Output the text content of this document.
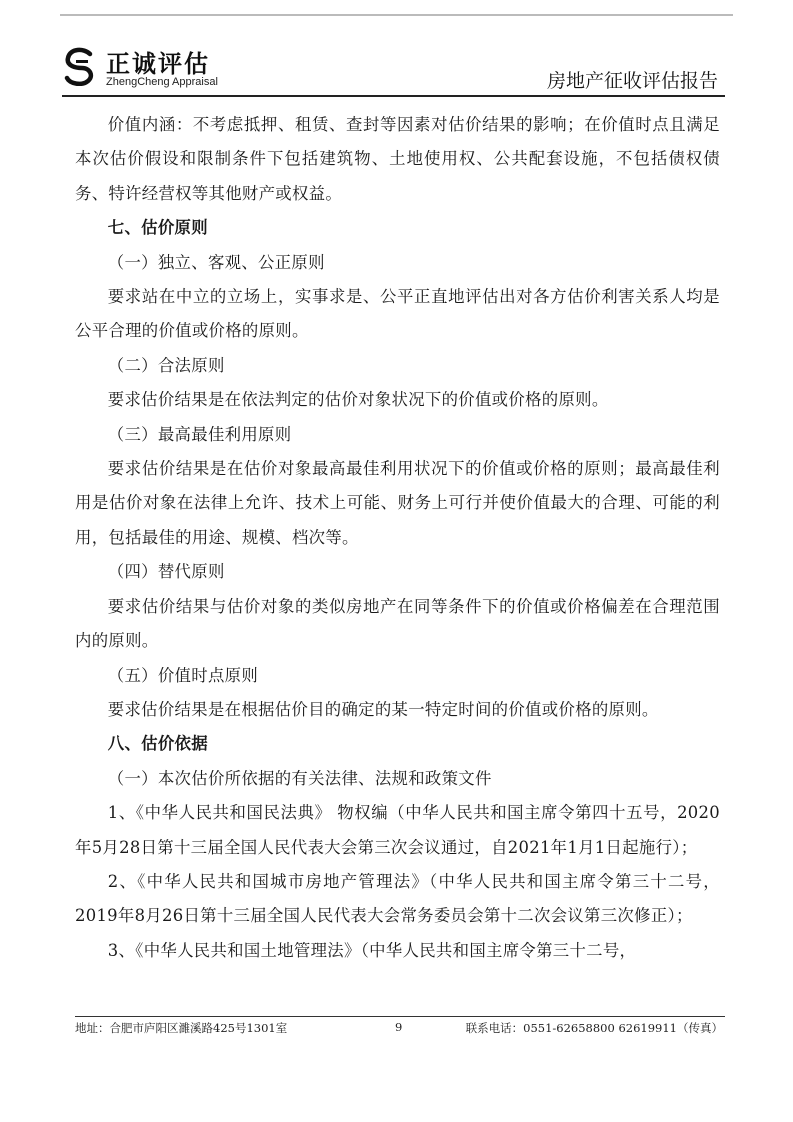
正诚评估
ZhengCheng Appraisal	房地产征收评估报告

价值内涵：不考虑抵押、租赁、查封等因素对估价结果的影响；在价值时点且满足本次估价假设和限制条件下包括建筑物、土地使用权、公共配套设施，不包括债权债务、特许经营权等其他财产或权益。

七、估价原则

（一）独立、客观、公正原则

要求站在中立的立场上，实事求是、公平正直地评估出对各方估价利害关系人均是公平合理的价值或价格的原则。

（二）合法原则

要求估价结果是在依法判定的估价对象状况下的价值或价格的原则。

（三）最高最佳利用原则

要求估价结果是在估价对象最高最佳利用状况下的价值或价格的原则；最高最佳利用是估价对象在法律上允许、技术上可能、财务上可行并使价值最大的合理、可能的利用，包括最佳的用途、规模、档次等。

（四）替代原则

要求估价结果与估价对象的类似房地产在同等条件下的价值或价格偏差在合理范围内的原则。

（五）价值时点原则

要求估价结果是在根据估价目的确定的某一特定时间的价值或价格的原则。

八、估价依据

（一）本次估价所依据的有关法律、法规和政策文件

1、《中华人民共和国民法典》 物权编（中华人民共和国主席令第四十五号，2020年5月28日第十三届全国人民代表大会第三次会议通过，自2021年1月1日起施行）；

2、《中华人民共和国城市房地产管理法》（中华人民共和国主席令第三十二号，2019年8月26日第十三届全国人民代表大会常务委员会第十二次会议第三次修正）；

3、《中华人民共和国土地管理法》（中华人民共和国主席令第三十二号，

地址：合肥市庐阳区濉溪路425号1301室	9	联系电话：0551-62658800 62619911（传真）
